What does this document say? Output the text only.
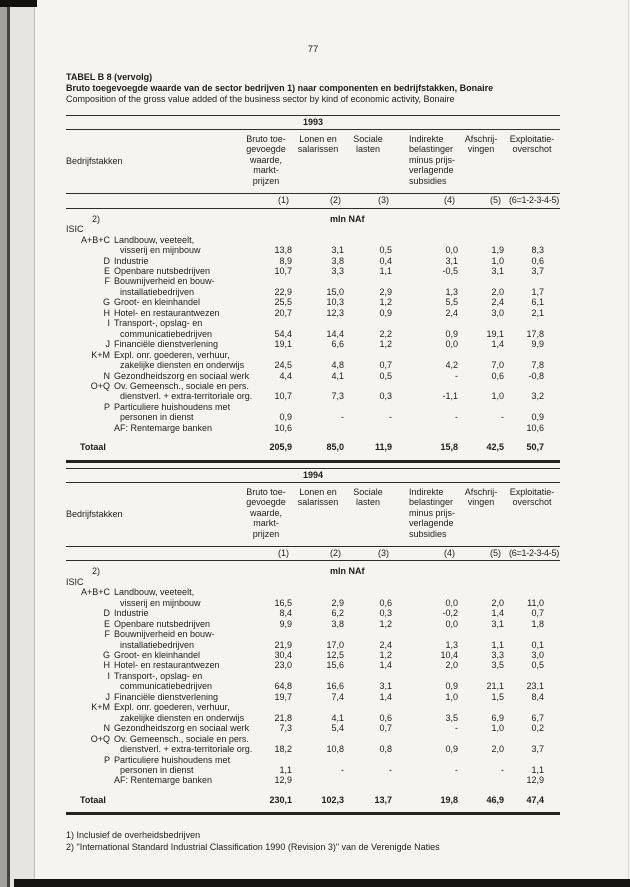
77
TABEL B 8 (vervolg)
Bruto toegevoegde waarde van de sector bedrijven 1) naar componenten en bedrijfstakken, Bonaire
Composition of the gross value added of the business sector by kind of economic activity, Bonaire
1993
Bedrijfstakken	
Bruto toe-
gevoegde
waarde,
markt-
prijzen

Lonen en
salarissen

Sociale
lasten

Indirekte
belastinger
minus prijs-
verlagende
subsidies

Afschrij-
vingen

Exploitatie-
overschot

		(1)	(2)	(3)	(4)	(5)	(6=1-2-3-4-5)
2)		mln NAf					
ISIC							
A+B+C	Landbouw, veeteelt,
visserij en mijnbouw	13,8	3,1	0,5	0,0	1,9	8,3
D	Industrie	8,9	3,8	0,4	3,1	1,0	0,6
E	Openbare nutsbedrijven	10,7	3,3	1,1	-0,5	3,1	3,7
F	Bouwnijverheid en bouw-
installatiebedrijven	22,9	15,0	2,9	1,3	2,0	1,7
G	Groot- en kleinhandel	25,5	10,3	1,2	5,5	2,4	6,1
H	Hotel- en restaurantwezen	20,7	12,3	0,9	2,4	3,0	2,1
I	Transport-, opslag- en
communicatiebedrijven	54,4	14,4	2,2	0,9	19,1	17,8
J	Financiële dienstverlening	19,1	6,6	1,2	0,0	1,4	9,9
K+M	Expl. onr. goederen, verhuur,
zakelijke diensten en onderwijs	24,5	4,8	0,7	4,2	7,0	7,8
N	Gezondheidszorg en sociaal werk	4,4	4,1	0,5	-	0,6	-0,8
O+Q	Ov. Gemeensch., sociale en pers.
dienstverl. + extra-territoriale org.	10,7	7,3	0,3	-1,1	1,0	3,2
P	Particuliere huishoudens met
personen in dienst	0,9	-	-	-	-	0,9

	AF: Rentemarge banken	10,6					10,6

Totaal		205,9	85,0	11,9	15,8	42,5	50,7
1994
Bedrijfstakken	
Bruto toe-
gevoegde
waarde,
markt-
prijzen

Lonen en
salarissen

Sociale
lasten

Indirekte
belastinger
minus prijs-
verlagende
subsidies

Afschrij-
vingen

Exploitatie-
overschot

		(1)	(2)	(3)	(4)	(5)	(6=1-2-3-4-5)
2)		mln NAf					
ISIC							
A+B+C	Landbouw, veeteelt,
visserij en mijnbouw	16,5	2,9	0,6	0,0	2,0	11,0
D	Industrie	8,4	6,2	0,3	-0,2	1,4	0,7
E	Openbare nutsbedrijven	9,9	3,8	1,2	0,0	3,1	1,8
F	Bouwnijverheid en bouw-
installatiebedrijven	21,9	17,0	2,4	1,3	1,1	0,1
G	Groot- en kleinhandel	30,4	12,5	1,2	10,4	3,3	3,0
H	Hotel- en restaurantwezen	23,0	15,6	1,4	2,0	3,5	0,5
I	Transport-, opslag- en
communicatiebedrijven	64,8	16,6	3,1	0,9	21,1	23,1
J	Financiële dienstverlening	19,7	7,4	1,4	1,0	1,5	8,4
K+M	Expl. onr. goederen, verhuur,
zakelijke diensten en onderwijs	21,8	4,1	0,6	3,5	6,9	6,7
N	Gezondheidszorg en sociaal werk	7,3	5,4	0,7	-	1,0	0,2
O+Q	Ov. Gemeensch., sociale en pers.
dienstverl. + extra-territoriale org.	18,2	10,8	0,8	0,9	2,0	3,7
P	Particuliere huishoudens met
personen in dienst	1,1	-	-	-	-	1,1

	AF: Rentemarge banken	12,9					12,9

Totaal		230,1	102,3	13,7	19,8	46,9	47,4
1) Inclusief de overheidsbedrijven
2) "International Standard Industrial Classification 1990 (Revision 3)" van de Verenigde Naties
